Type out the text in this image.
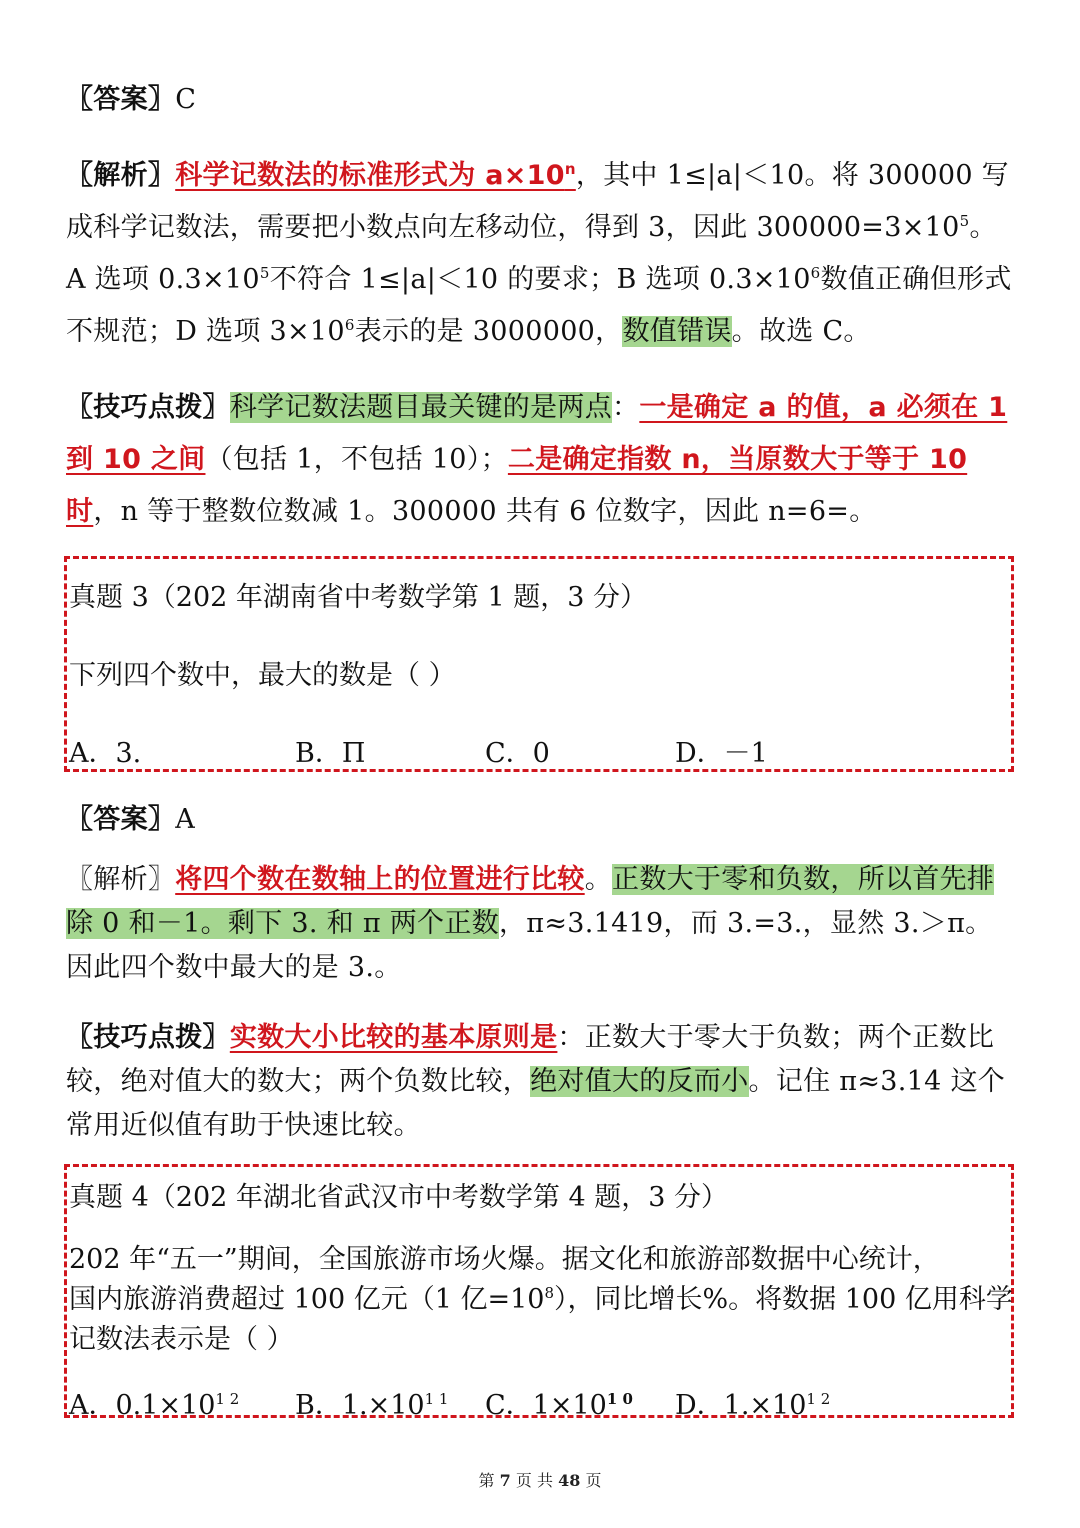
〖答案〗C
〖解析〗科学记数法的标准形式为 $a\times 10^n$，其中 1≤|a|＜10。将 300000 写成科学记数法，需要把小数点向左移动位，得到 3，因此 $300000=3\times 10^5$。A 选项 $0.3\times 10^5$不符合 1≤|a|＜10 的要求；B 选项 $0.3\times 10^6$数值正确但形式不规范；D 选项 $3\times 10^6$表示的是 3000000，数值错误。故选 C。
〖技巧点拨〗科学记数法题目最关键的是两点：一是确定 a 的值，a 必须在 1 到 10 之间（包括 1，不包括 10）；二是确定指数 n，当原数大于等于 10 时，n 等于整数位数减 1。300000 共有 6 位数字，因此 n=6=。
真题 3（202 年湖南省中考数学第 1 题，3 分）
下列四个数中，最大的数是（ ）
A．3.	B．Π	C．0	D．－1
〖答案〗A
〖解析〗将四个数在数轴上的位置进行比较。正数大于零和负数，所以首先排除 0 和－1。剩下 3. 和 π 两个正数，π≈3.1419，而 3.=3.，显然 3.＞π。因此四个数中最大的是 3.。
〖技巧点拨〗实数大小比较的基本原则是：正数大于零大于负数；两个正数比较，绝对值大的数大；两个负数比较，绝对值大的反而小。记住 π≈3.14 这个常用近似值有助于快速比较。
真题 4（202 年湖北省武汉市中考数学第 4 题，3 分）
202 年“五一”期间，全国旅游市场火爆。据文化和旅游部数据中心统计，
国内旅游消费超过 100 亿元（1 亿$=10^8$），同比增长%。将数据 100 亿用科学
记数法表示是（ ）
A．$0.1\times 10^{1 2}$ B．$1.\times 10^{1 1}$ C．$1\times 10^{1 0}$ D．$1.\times 10^{1 2}$
第 7 页 共 48 页
